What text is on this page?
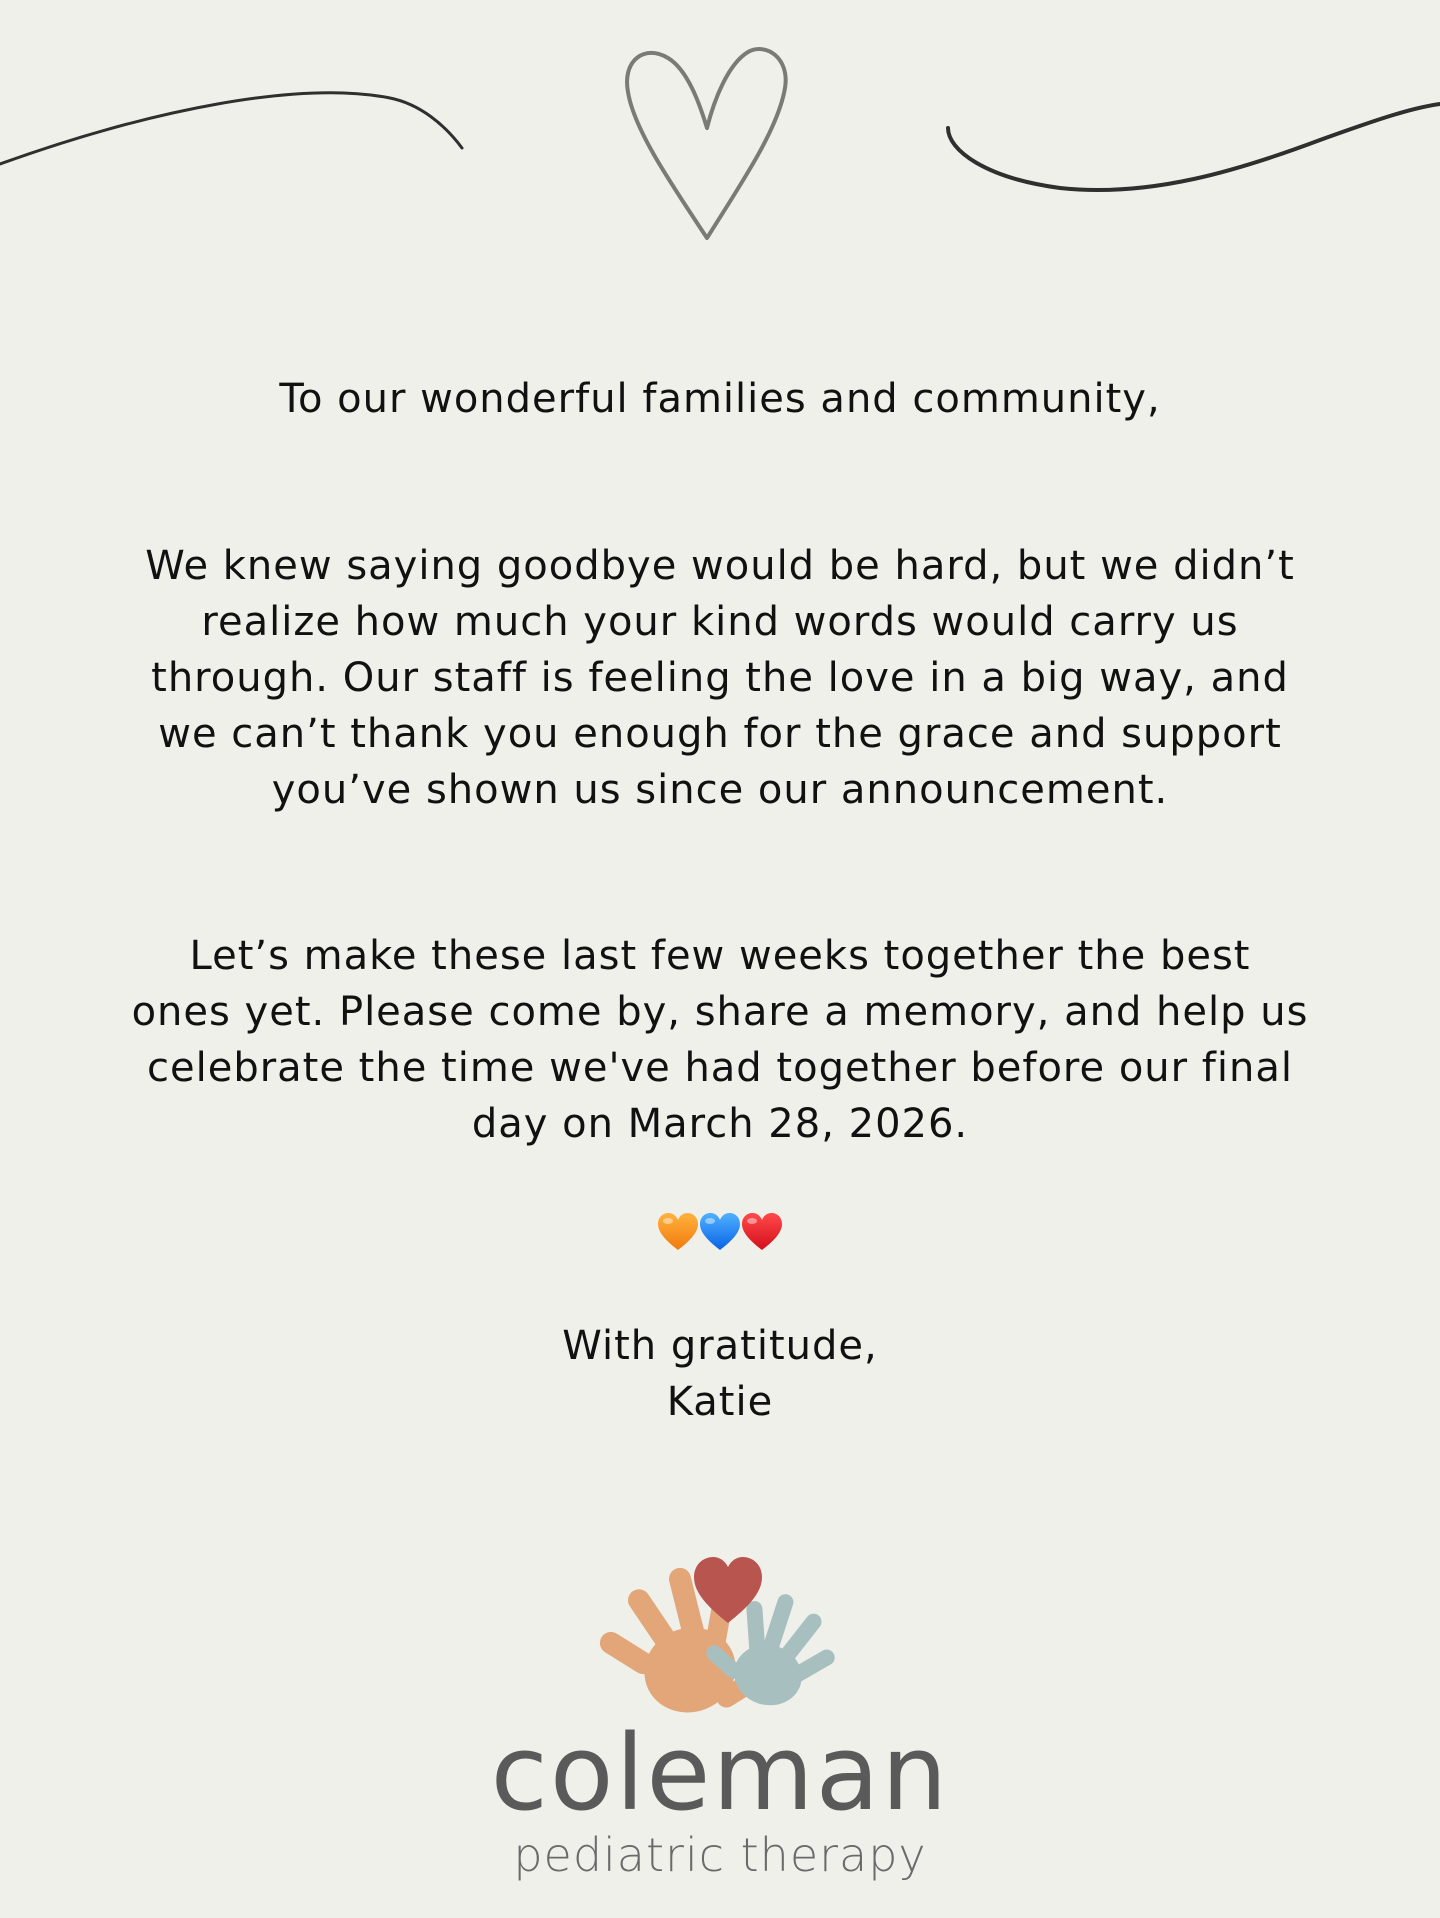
To our wonderful families and community,
We knew saying goodbye would be hard, but we didn’t
realize how much your kind words would carry us
through. Our staff is feeling the love in a big way, and
we can’t thank you enough for the grace and support
you’ve shown us since our announcement.
Let’s make these last few weeks together the best
ones yet. Please come by, share a memory, and help us
celebrate the time we've had together before our final
day on March 28, 2026.
With gratitude,
Katie
coleman
pediatric therapy
